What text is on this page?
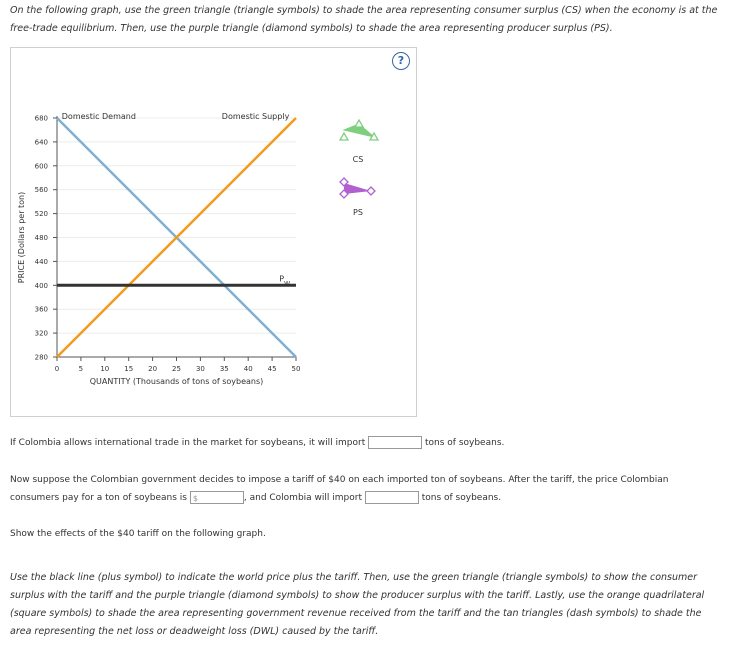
On the following graph, use the green triangle (triangle symbols) to shade the area representing consumer surplus (CS) when the economy is at the free-trade equilibrium. Then, use the purple triangle (diamond symbols) to shade the area representing producer surplus (PS).
?
280
320
360
400
440
480
520
560
600
640
680
0	5 10 15 20 25 30 35 40 45 50
QUANTITY (Thousands of tons of soybeans)
PRICE (Dollars per ton)
Domestic Demand	Domestic Supply
$P_W$
CS
PS
If Colombia allows international trade in the market for soybeans, it will import	tons of soybeans.
Now suppose the Colombian government decides to impose a tariff of $40 on each imported ton of soybeans. After the tariff, the price Colombian
consumers pay for a ton of soybeans is $	, and Colombia will import	tons of soybeans.
Show the effects of the $40 tariff on the following graph.
Use the black line (plus symbol) to indicate the world price plus the tariff. Then, use the green triangle (triangle symbols) to show the consumer surplus with the tariff and the purple triangle (diamond symbols) to show the producer surplus with the tariff. Lastly, use the orange quadrilateral (square symbols) to shade the area representing government revenue received from the tariff and the tan triangles (dash symbols) to shade the area representing the net loss or deadweight loss (DWL) caused by the tariff.
